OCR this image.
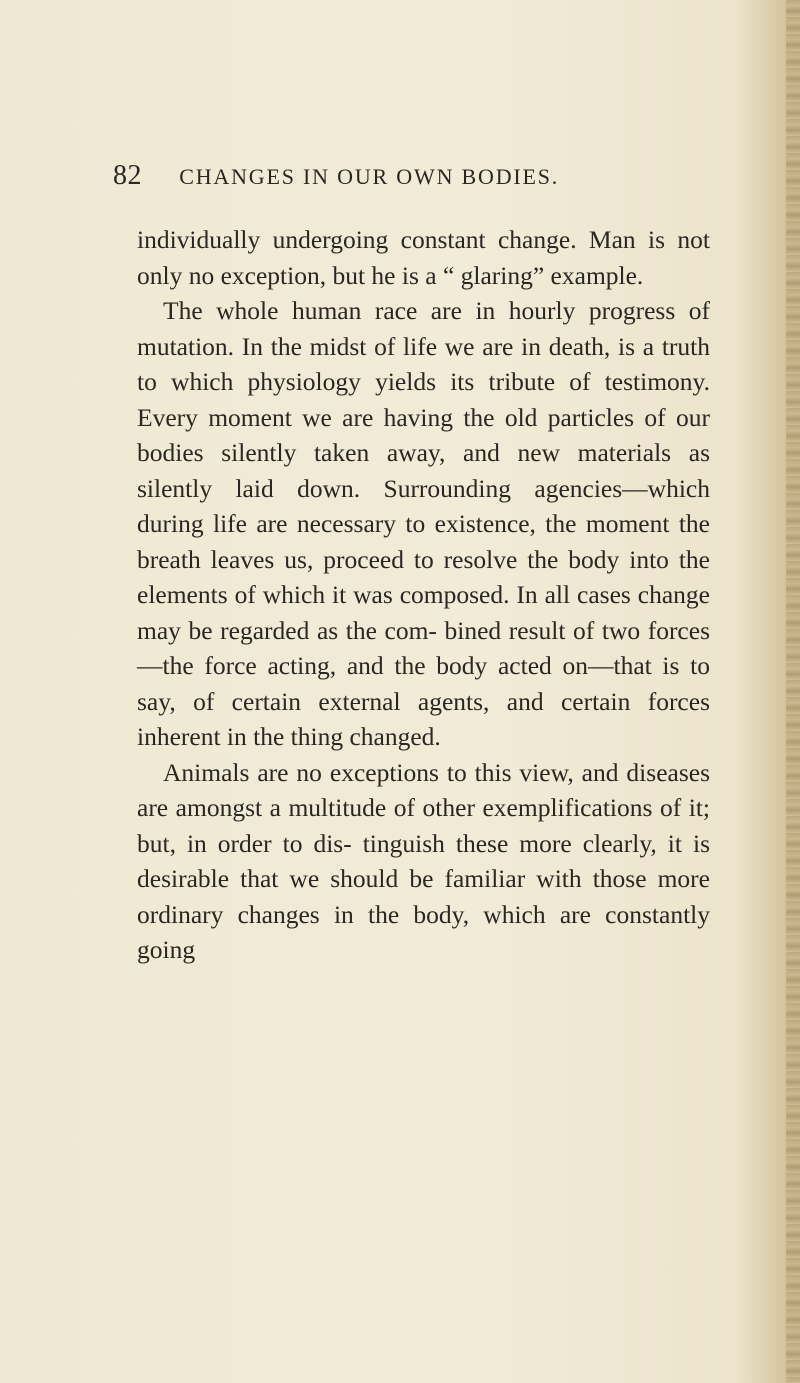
82 CHANGES IN OUR OWN BODIES.

individually undergoing constant change. Man is not only no exception, but he is a “ glaring” example.

The whole human race are in hourly progress of mutation. In the midst of life we are in death, is a truth to which physiology yields its tribute of testimony. Every moment we are having the old particles of our bodies silently taken away, and new materials as silently laid down. Surrounding agencies—which during life are necessary to existence, the moment the breath leaves us, proceed to resolve the body into the elements of which it was composed. In all cases change may be regarded as the com- bined result of two forces—the force acting, and the body acted on—that is to say, of certain external agents, and certain forces inherent in the thing changed.

Animals are no exceptions to this view, and diseases are amongst a multitude of other exemplifications of it; but, in order to dis- tinguish these more clearly, it is desirable that we should be familiar with those more ordinary changes in the body, which are constantly going
